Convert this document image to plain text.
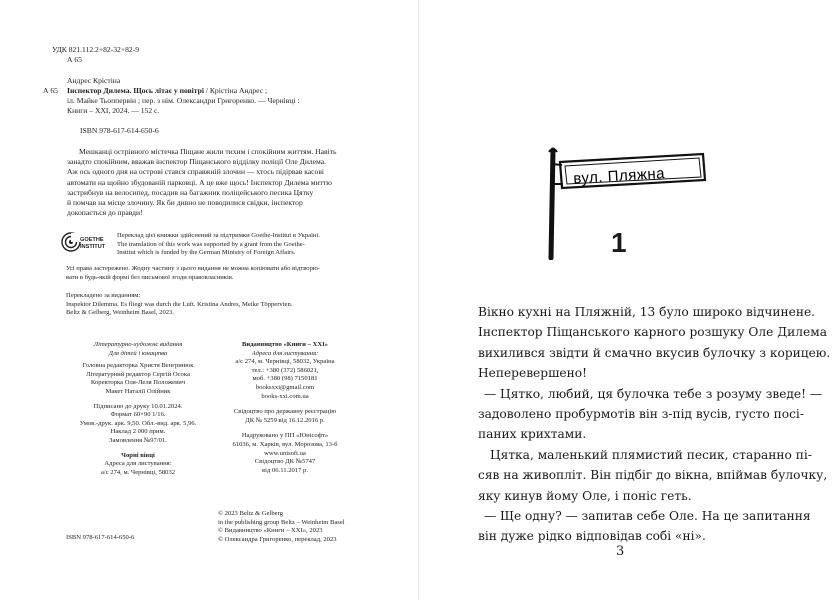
УДК 821.112.2+82-32+82-9
А 65
Андрес Крістіна
А 65 Інспектор Дилема. Щось літає у повітрі / Крістіна Андрес ;
іл. Майке Тьоппервін ; пер. з нім. Олександри Григоренко. — Чернівці :
Книги – ХХІ, 2024. — 152 с.
ISBN 978-617-614-650-6
Мешканці острівного містечка Піщане жили тихим і спокійним життям. Навіть
занадто спокійним, вважав інспектор Піщанського відділку поліції Оле Дилема.
Аж ось одного дня на острові стався справжній злочин — хтось підірвав касові
автомати на щойно збудованій парковці. А це вже щось! Інспектор Дилема миттю
застрибнув на велосипед, посадив на багажник поліцейського песика Цятку
й помчав на місце злочину. Як би дивно не поводилися свідки, інспектор
докопається до правди!
GOETHE INSTITUT
Переклад цієї книжки здійснений за підтримки Goethe-Institut в Україні.
The translation of this work was supported by a grant from the Goethe-
Institut which is funded by the German Ministry of Foreign Affairs.
Усі права застережено. Жодну частину з цього видання не можна копіювати або відтворю-
вати в будь-якій формі без письмової згоди правовласників.
Перекладено за виданням:
Inspektor Dilemma. Es fliegt was durch die Luft. Kristina Andres, Meike Töppervien.
Beltz & Gelberg, Weinheim Basel, 2023.
Літературно-художнє видання
Для дітей і юнацтва
Головна редакторка Христя Венгринюк
Літературний редактор Сергій Осока
Коректорка Оля-Леля Положевич
Макет Наталії Олійник
Підписано до друку 10.01.2024.
Формат 60×90 1/16.
Умов.-друк. арк. 9,50. Обл.-вид. арк. 5,96.
Наклад 2 000 прим.
Замовлення №97/01.
Чорні вівці
Адреса для листування:
а/с 274, м. Чернівці, 58032
Видавництво «Книги – ХХІ»
Адреса для листування:
а/с 274, м. Чернівці, 58032, Україна
тел.: +380 (372) 586021,
моб. +380 (98) 7150181
booksxxi@gmail.com
books-xxi.com.ua
Свідоцтво про державну реєстрацію
ДК № 5259 від 16.12.2016 р.
Надруковано у ПП «Юнісофт»
61036, м. Харків, вул. Морозова, 13-б
www.unisoft.ua
Свідоцтво ДК №5747
від 06.11.2017 р.
© 2023 Beltz & Gelberg
in the publishing group Beltz – Weinheim Basel
© Видавництво «Книги – ХХІ», 2023
© Олександра Григоренко, переклад, 2023
ISBN 978-617-614-650-6
вул. Пляжна
1
Вікно кухні на Пляжній, 13 було широко відчинене.
Інспектор Піщанського карного розшуку Оле Дилема
вихилився звідти й смачно вкусив булочку з корицею.
Неперевершено!
— Цятко, любий, ця булочка тебе з розуму зведе! —
задоволено пробурмотів він з-під вусів, густо посі-
паних крихтами.
Цятка, маленький плямистий песик, старанно пі-
сяв на живопліт. Він підбіг до вікна, впіймав булочку,
яку кинув йому Оле, і поніс геть.
— Ще одну? — запитав себе Оле. На це запитання
він дуже рідко відповідав собі «ні».
3
